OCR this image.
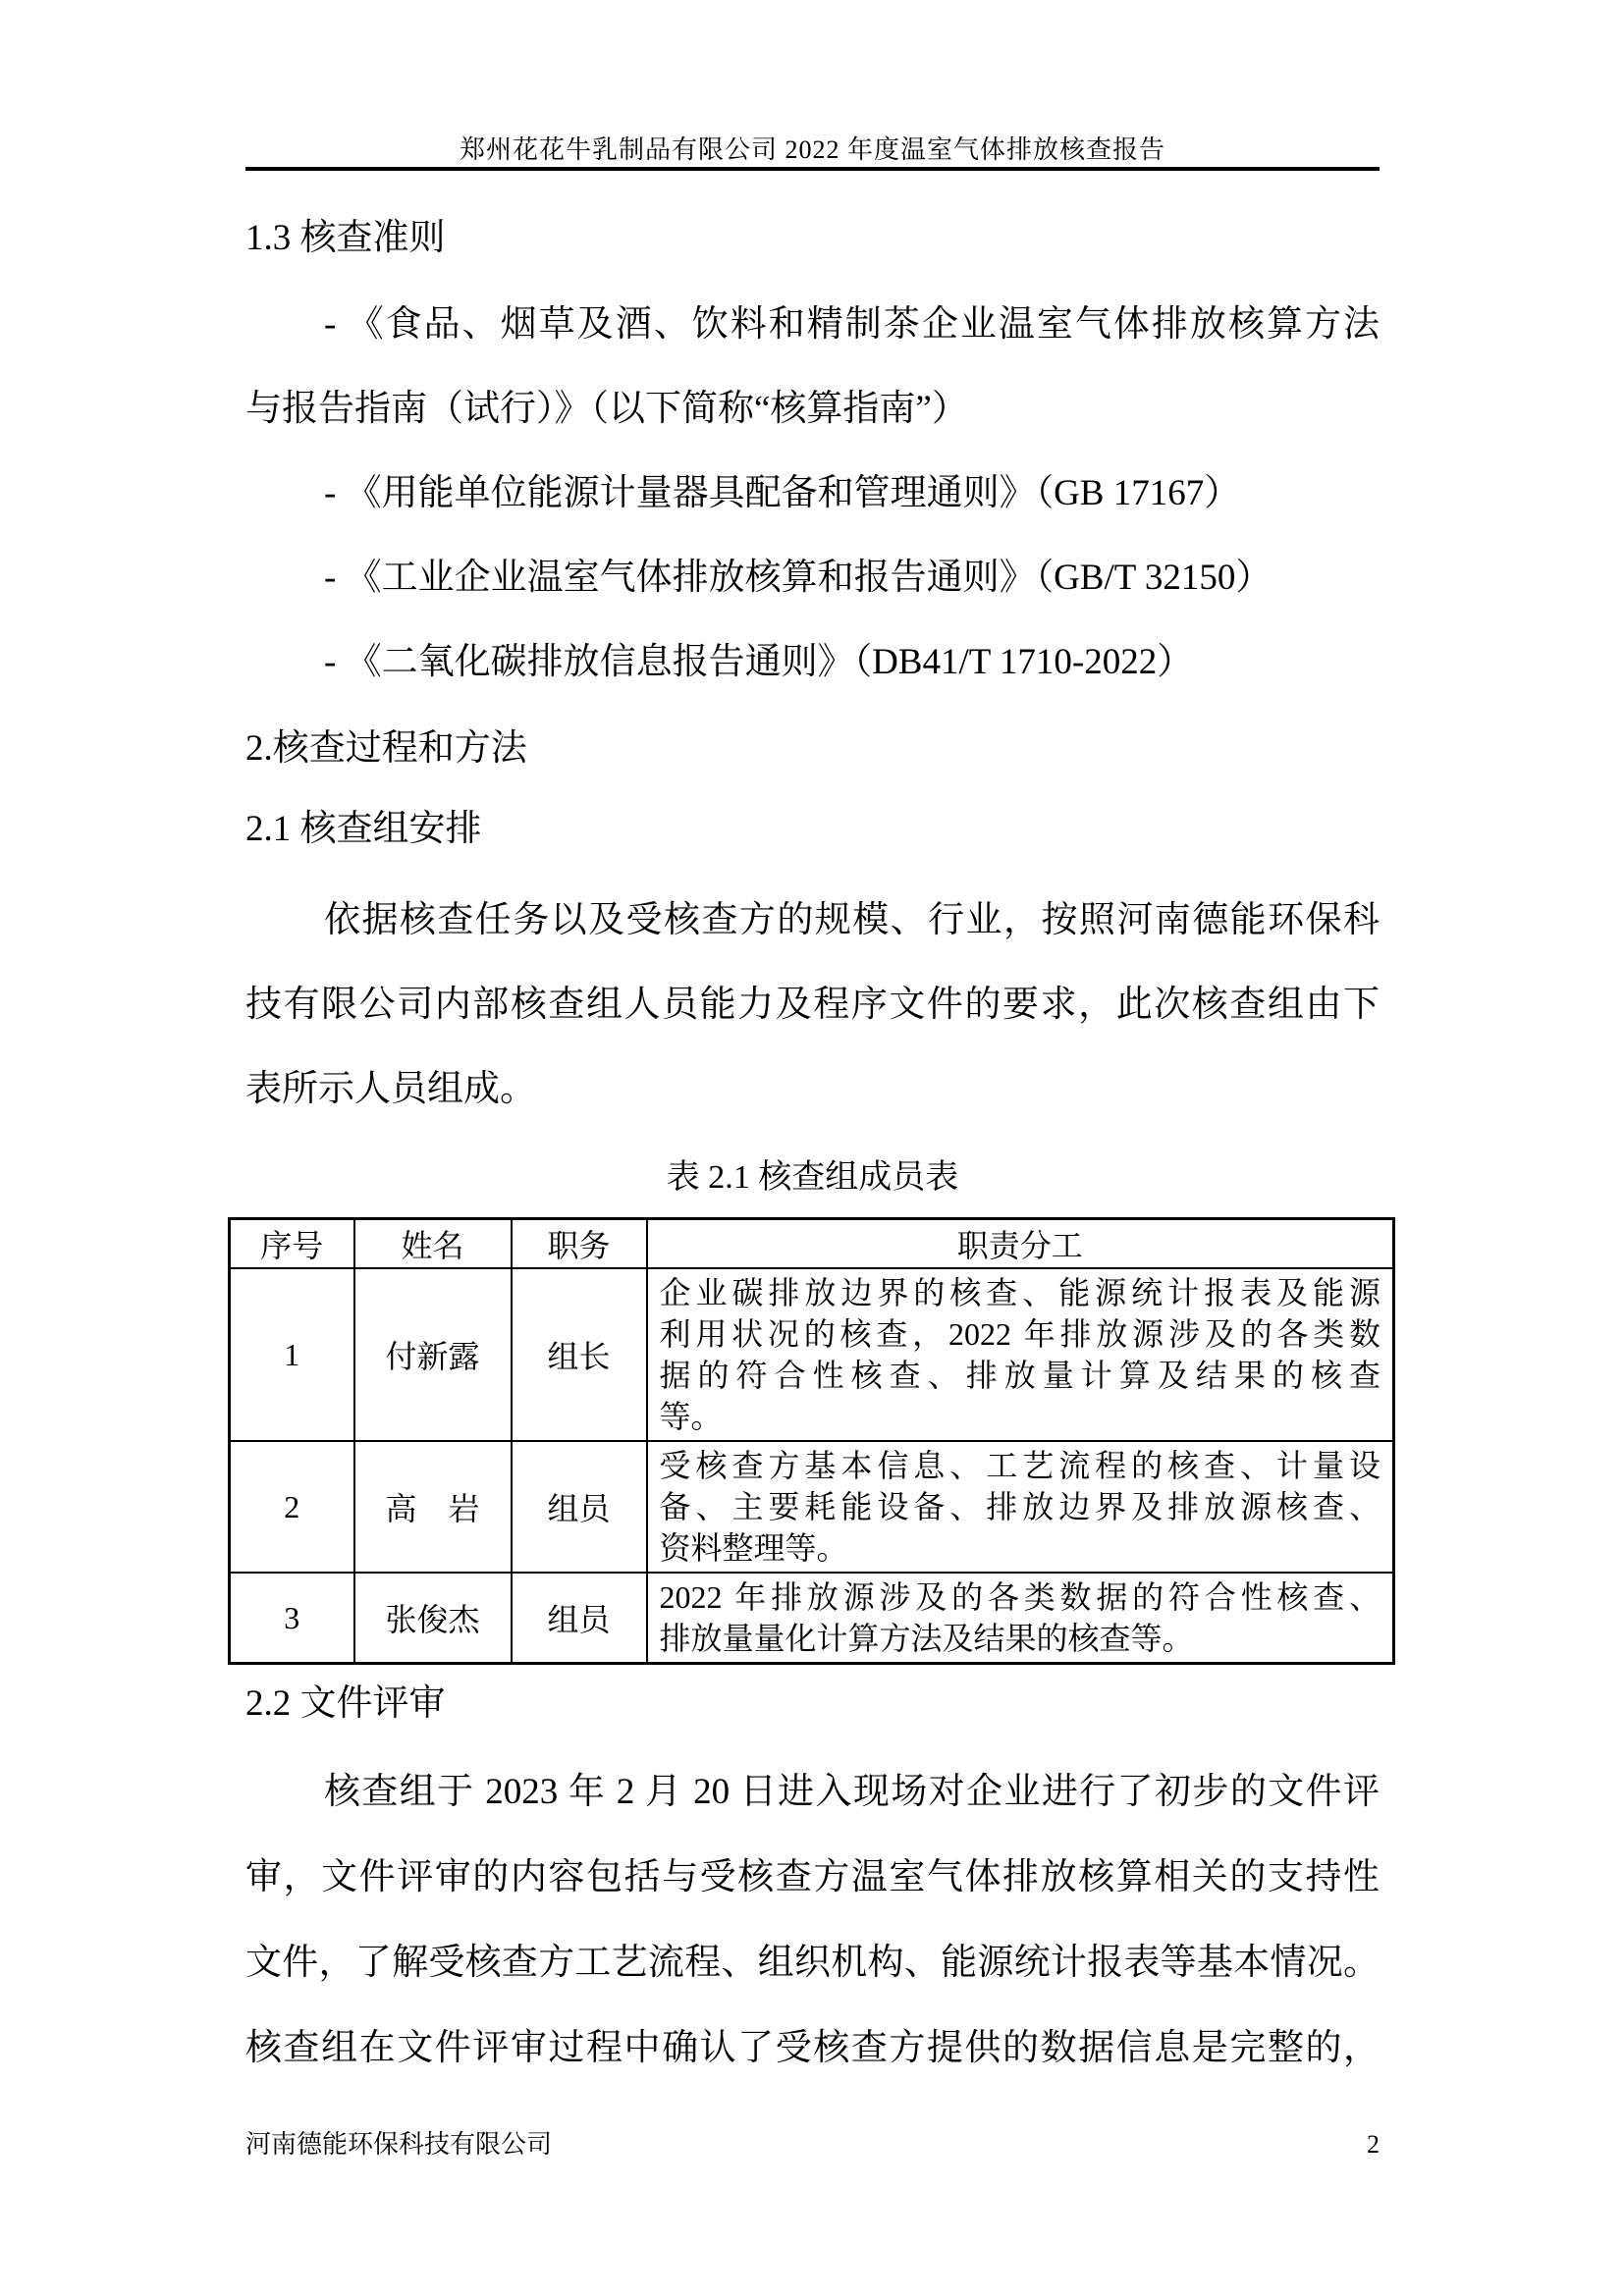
郑州花花牛乳制品有限公司 2022 年度温室气体排放核查报告
1.3 核查准则
- 《食品、烟草及酒、饮料和精制茶企业温室气体排放核算方法
与报告指南（试行）》（以下简称“核算指南”）
- 《用能单位能源计量器具配备和管理通则》（GB 17167）
- 《工业企业温室气体排放核算和报告通则》（GB/T 32150）
- 《二氧化碳排放信息报告通则》（DB41/T 1710-2022）
2.核查过程和方法
2.1 核查组安排
依据核查任务以及受核查方的规模、行业，按照河南德能环保科
技有限公司内部核查组人员能力及程序文件的要求，此次核查组由下
表所示人员组成。
表 2.1 核查组成员表
序号	姓名	职务	职责分工
1	付新露	组长	企业碳排放边界的核查、能源统计报表及能源
利用状况的核查，2022 年排放源涉及的各类数
据的符合性核查、排放量计算及结果的核查
等。

2	高　岩	组员	受核查方基本信息、工艺流程的核查、计量设
备、主要耗能设备、排放边界及排放源核查、
资料整理等。

3	张俊杰	组员	2022 年排放源涉及的各类数据的符合性核查、
排放量量化计算方法及结果的核查等。
2.2 文件评审
核查组于 2023 年 2 月 20 日进入现场对企业进行了初步的文件评
审，文件评审的内容包括与受核查方温室气体排放核算相关的支持性
文件，了解受核查方工艺流程、组织机构、能源统计报表等基本情况。
核查组在文件评审过程中确认了受核查方提供的数据信息是完整的，
河南德能环保科技有限公司	2
